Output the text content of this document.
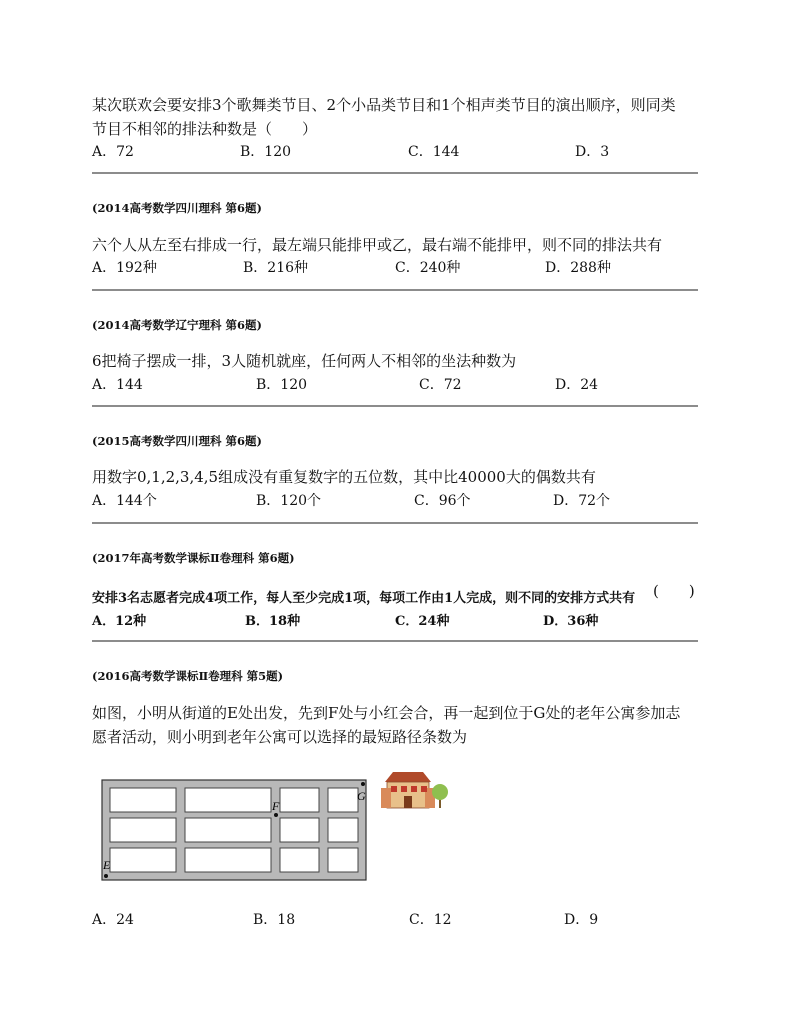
某次联欢会要安排3个歌舞类节目、2个小品类节目和1个相声类节目的演出顺序，则同类
节目不相邻的排法种数是（　　）
A．72	B．120	C．144	D．3
(2014高考数学四川理科 第6题)
六个人从左至右排成一行，最左端只能排甲或乙，最右端不能排甲，则不同的排法共有
A．192种	B．216种	C．240种	D．288种
(2014高考数学辽宁理科 第6题)
6把椅子摆成一排，3人随机就座，任何两人不相邻的坐法种数为
A．144	B．120	C．72	D．24
(2015高考数学四川理科 第6题)
用数字0,1,2,3,4,5组成没有重复数字的五位数，其中比40000大的偶数共有
A．144个	B．120个	C．96个	D．72个
(2017年高考数学课标Ⅱ卷理科 第6题)
安排3名志愿者完成4项工作，每人至少完成1项，每项工作由1人完成，则不同的安排方式共有 (　　)
A．12种	B．18种	C．24种	D．36种
(2016高考数学课标Ⅱ卷理科 第5题)
如图，小明从街道的E处出发，先到F处与小红会合，再一起到位于G处的老年公寓参加志
愿者活动，则小明到老年公寓可以选择的最短路径条数为
E
F
G
A．24	B．18	C．12	D．9
